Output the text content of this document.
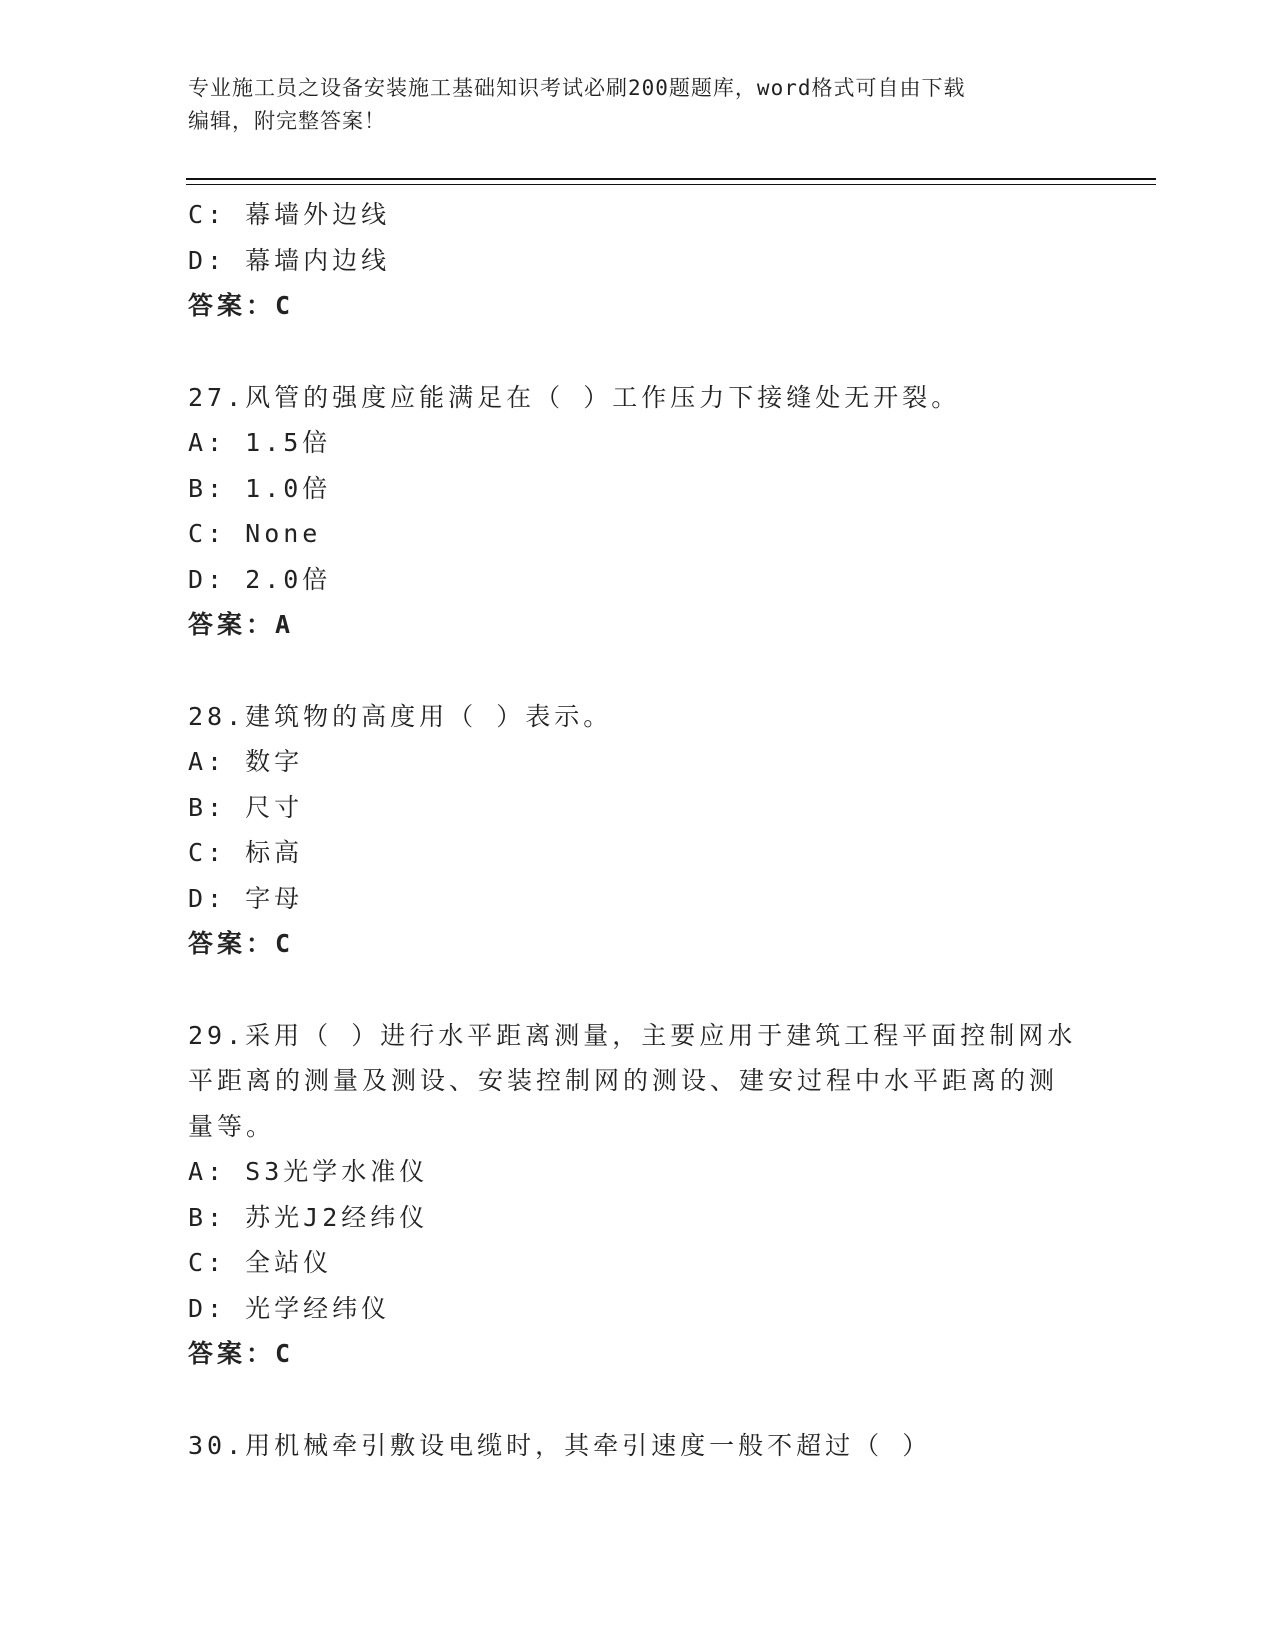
专业施工员之设备安装施工基础知识考试必刷200题题库，word格式可自由下载
编辑，附完整答案！
C: 幕墙外边线
D: 幕墙内边线
答案：C
27.风管的强度应能满足在（ ）工作压力下接缝处无开裂。
A: 1.5倍
B: 1.0倍
C: None
D: 2.0倍
答案：A
28.建筑物的高度用（ ）表示。
A: 数字
B: 尺寸
C: 标高
D: 字母
答案：C
29.采用（ ）进行水平距离测量，主要应用于建筑工程平面控制网水
平距离的测量及测设、安装控制网的测设、建安过程中水平距离的测
量等。
A: S3光学水准仪
B: 苏光J2经纬仪
C: 全站仪
D: 光学经纬仪
答案：C
30.用机械牵引敷设电缆时，其牵引速度一般不超过（ ）
